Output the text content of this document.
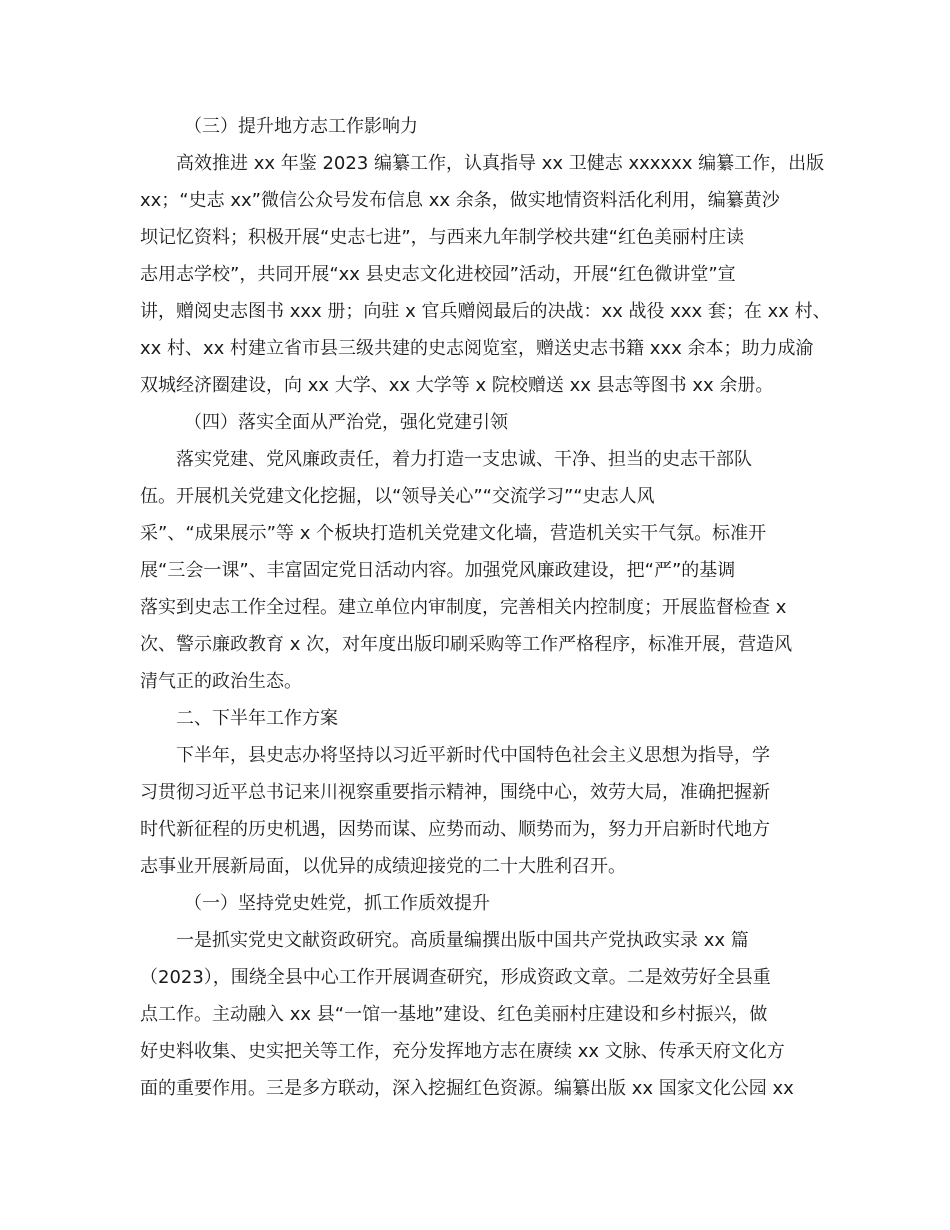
（三）提升地方志工作影响力
高效推进 xx 年鉴 2023 编纂工作，认真指导 xx 卫健志 xxxxxx 编纂工作，出版
xx；“史志 xx”微信公众号发布信息 xx 余条，做实地情资料活化利用，编纂黄沙
坝记忆资料；积极开展“史志七进”，与西来九年制学校共建“红色美丽村庄读
志用志学校”，共同开展“xx 县史志文化进校园”活动，开展“红色微讲堂”宣
讲，赠阅史志图书 xxx 册；向驻 x 官兵赠阅最后的决战：xx 战役 xxx 套；在 xx 村、
xx 村、xx 村建立省市县三级共建的史志阅览室，赠送史志书籍 xxx 余本；助力成渝
双城经济圈建设，向 xx 大学、xx 大学等 x 院校赠送 xx 县志等图书 xx 余册。
（四）落实全面从严治党，强化党建引领
落实党建、党风廉政责任，着力打造一支忠诚、干净、担当的史志干部队
伍。开展机关党建文化挖掘，以“领导关心”“交流学习”“史志人风
采”、“成果展示”等 x 个板块打造机关党建文化墙，营造机关实干气氛。标准开
展“三会一课”、丰富固定党日活动内容。加强党风廉政建设，把“严”的基调
落实到史志工作全过程。建立单位内审制度，完善相关内控制度；开展监督检查 x
次、警示廉政教育 x 次，对年度出版印刷采购等工作严格程序，标准开展，营造风
清气正的政治生态。
二、下半年工作方案
下半年，县史志办将坚持以习近平新时代中国特色社会主义思想为指导，学
习贯彻习近平总书记来川视察重要指示精神，围绕中心，效劳大局，准确把握新
时代新征程的历史机遇，因势而谋、应势而动、顺势而为，努力开启新时代地方
志事业开展新局面，以优异的成绩迎接党的二十大胜利召开。
（一）坚持党史姓党，抓工作质效提升
一是抓实党史文献资政研究。高质量编撰出版中国共产党执政实录 xx 篇
（2023），围绕全县中心工作开展调查研究，形成资政文章。二是效劳好全县重
点工作。主动融入 xx 县“一馆一基地”建设、红色美丽村庄建设和乡村振兴，做
好史料收集、史实把关等工作，充分发挥地方志在赓续 xx 文脉、传承天府文化方
面的重要作用。三是多方联动，深入挖掘红色资源。编纂出版 xx 国家文化公园 xx
